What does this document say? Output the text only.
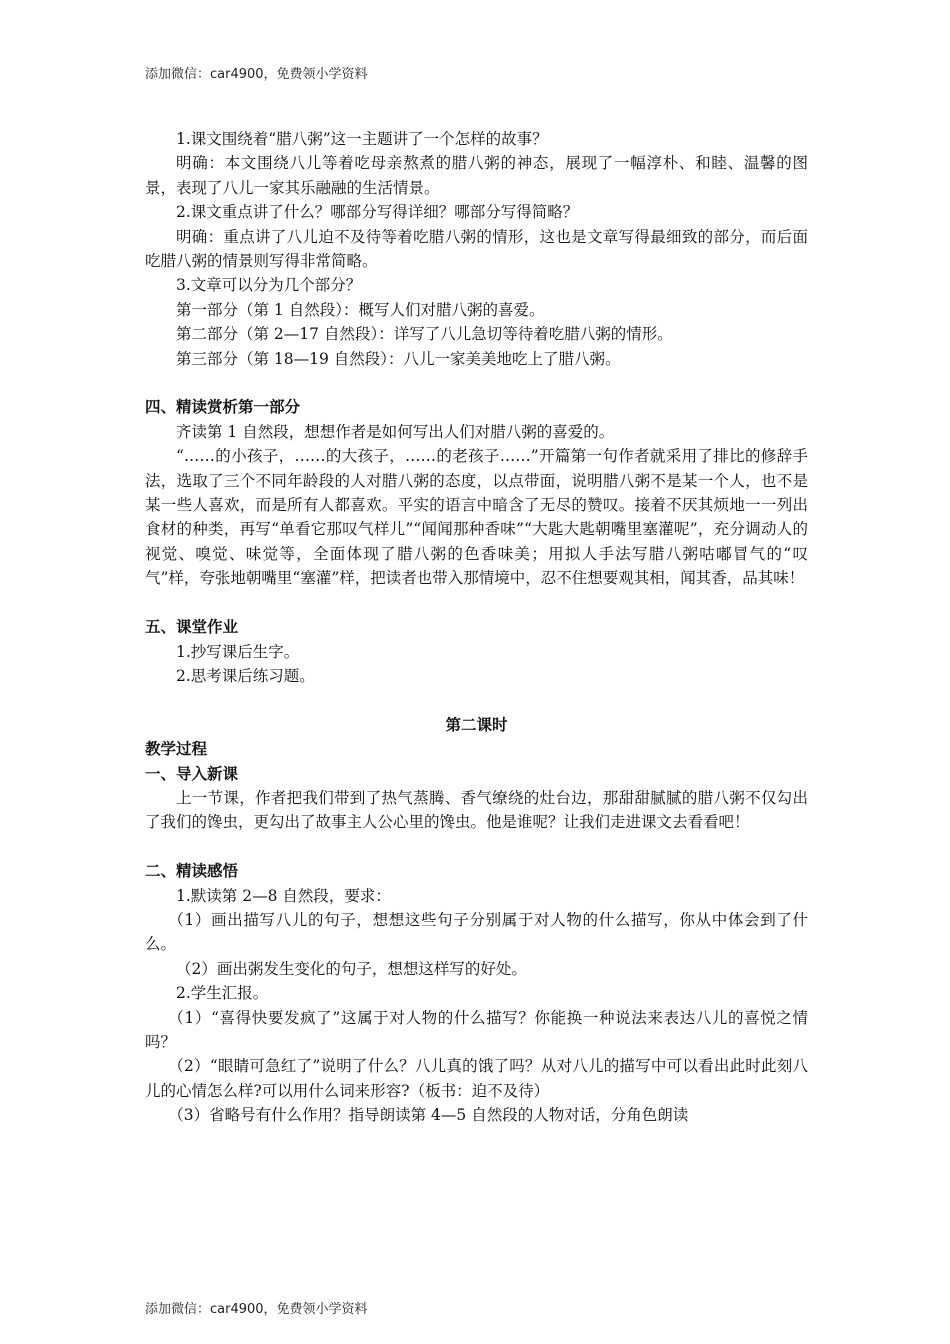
添加微信：car4900，免费领小学资料

1.课文围绕着“腊八粥”这一主题讲了一个怎样的故事？

明确：本文围绕八儿等着吃母亲熬煮的腊八粥的神态，展现了一幅淳朴、和睦、温馨的图景，表现了八儿一家其乐融融的生活情景。

2.课文重点讲了什么？哪部分写得详细？哪部分写得简略？

明确：重点讲了八儿迫不及待等着吃腊八粥的情形，这也是文章写得最细致的部分，而后面吃腊八粥的情景则写得非常简略。

3.文章可以分为几个部分？

第一部分（第 1 自然段）：概写人们对腊八粥的喜爱。

第二部分（第 2—17 自然段）：详写了八儿急切等待着吃腊八粥的情形。

第三部分（第 18—19 自然段）：八儿一家美美地吃上了腊八粥。

四、精读赏析第一部分

齐读第 1 自然段，想想作者是如何写出人们对腊八粥的喜爱的。

“……的小孩子，……的大孩子，……的老孩子……”开篇第一句作者就采用了排比的修辞手法，选取了三个不同年龄段的人对腊八粥的态度，以点带面，说明腊八粥不是某一个人，也不是某一些人喜欢，而是所有人都喜欢。平实的语言中暗含了无尽的赞叹。接着不厌其烦地一一列出食材的种类，再写“单看它那叹气样儿”“闻闻那种香味”“大匙大匙朝嘴里塞灌呢”，充分调动人的视觉、嗅觉、味觉等，全面体现了腊八粥的色香味美；用拟人手法写腊八粥咕嘟冒气的“叹气”样，夸张地朝嘴里“塞灌”样，把读者也带入那情境中，忍不住想要观其相，闻其香，品其味！

五、课堂作业

1.抄写课后生字。

2.思考课后练习题。

第二课时

教学过程

一、导入新课

上一节课，作者把我们带到了热气蒸腾、香气缭绕的灶台边，那甜甜腻腻的腊八粥不仅勾出了我们的馋虫，更勾出了故事主人公心里的馋虫。他是谁呢？让我们走进课文去看看吧！

二、精读感悟

1.默读第 2—8 自然段，要求：

（1）画出描写八儿的句子，想想这些句子分别属于对人物的什么描写，你从中体会到了什么。

（2）画出粥发生变化的句子，想想这样写的好处。

2.学生汇报。

（1）“喜得快要发疯了”这属于对人物的什么描写？你能换一种说法来表达八儿的喜悦之情吗？

（2）“眼睛可急红了”说明了什么？八儿真的饿了吗？从对八儿的描写中可以看出此时此刻八儿的心情怎么样?可以用什么词来形容?（板书：迫不及待）

（3）省略号有什么作用？指导朗读第 4—5 自然段的人物对话，分角色朗读

添加微信：car4900，免费领小学资料
